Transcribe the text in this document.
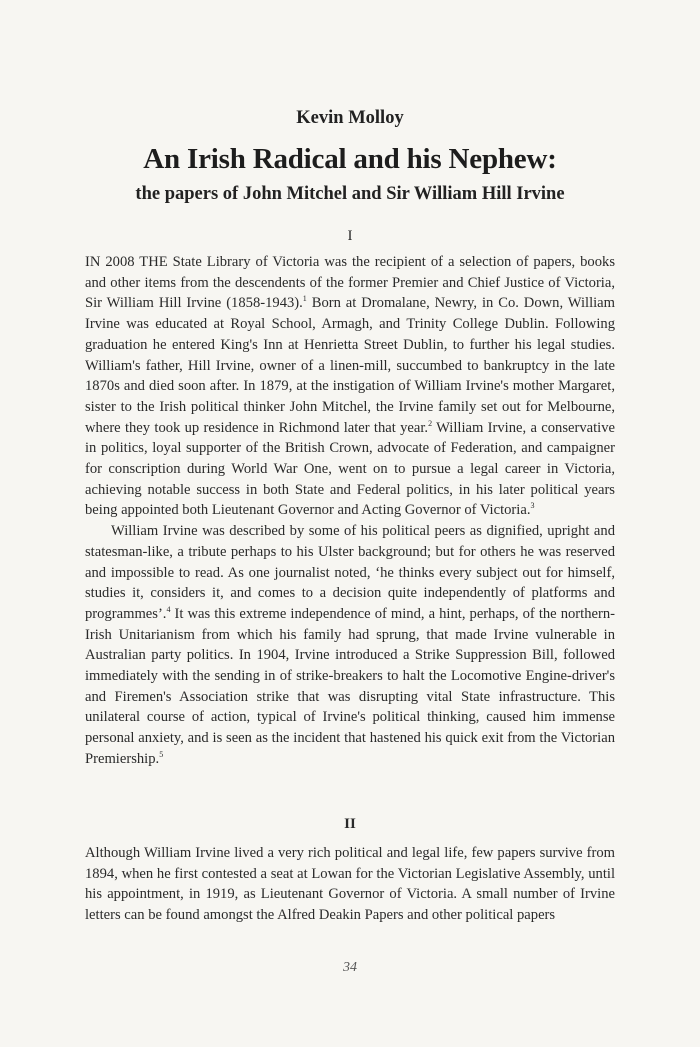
Kevin Molloy
An Irish Radical and his Nephew:
the papers of John Mitchel and Sir William Hill Irvine
I

IN 2008 THE State Library of Victoria was the recipient of a selection of papers, books and other items from the descendents of the former Premier and Chief Justice of Victoria, Sir William Hill Irvine (1858-1943).$^1$ Born at Dromalane, Newry, in Co. Down, William Irvine was educated at Royal School, Armagh, and Trinity College Dublin. Following graduation he entered King's Inn at Henrietta Street Dublin, to further his legal studies. William's father, Hill Irvine, owner of a linen-mill, succumbed to bankruptcy in the late 1870s and died soon after. In 1879, at the instigation of William Irvine's mother Margaret, sister to the Irish political thinker John Mitchel, the Irvine family set out for Melbourne, where they took up residence in Richmond later that year.$^2$ William Irvine, a conservative in politics, loyal supporter of the British Crown, advocate of Federation, and campaigner for conscription during World War One, went on to pursue a legal career in Victoria, achieving notable success in both State and Federal politics, in his later political years being appointed both Lieutenant Governor and Acting Governor of Victoria.$^3$

William Irvine was described by some of his political peers as dignified, upright and statesman-like, a tribute perhaps to his Ulster background; but for others he was reserved and impossible to read. As one journalist noted, ‘he thinks every subject out for himself, studies it, considers it, and comes to a decision quite independently of platforms and programmes’.$^4$ It was this extreme independence of mind, a hint, perhaps, of the northern-Irish Unitarianism from which his family had sprung, that made Irvine vulnerable in Australian party politics. In 1904, Irvine introduced a Strike Suppression Bill, followed immediately with the sending in of strike-breakers to halt the Locomotive Engine-driver's and Firemen's Association strike that was disrupting vital State infrastructure. This unilateral course of action, typical of Irvine's political thinking, caused him immense personal anxiety, and is seen as the incident that hastened his quick exit from the Victorian Premiership.$^5$

II

Although William Irvine lived a very rich political and legal life, few papers survive from 1894, when he first contested a seat at Lowan for the Victorian Legislative Assembly, until his appointment, in 1919, as Lieutenant Governor of Victoria. A small number of Irvine letters can be found amongst the Alfred Deakin Papers and other political papers

34
